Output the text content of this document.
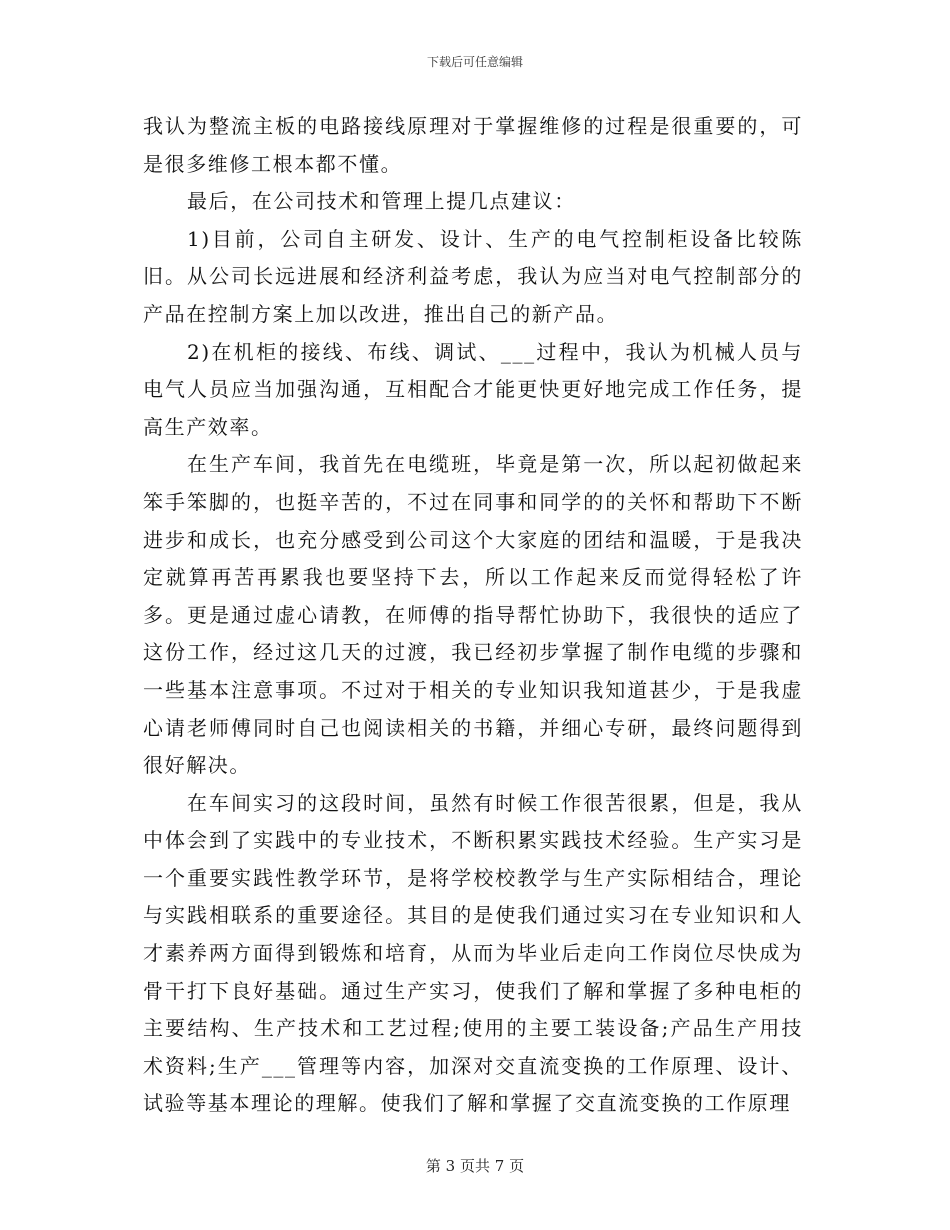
下载后可任意编辑

我认为整流主板的电路接线原理对于掌握维修的过程是很重要的，可是很多维修工根本都不懂。

最后，在公司技术和管理上提几点建议：

1)目前，公司自主研发、设计、生产的电气控制柜设备比较陈旧。从公司长远进展和经济利益考虑，我认为应当对电气控制部分的产品在控制方案上加以改进，推出自己的新产品。

2)在机柜的接线、布线、调试、___过程中，我认为机械人员与电气人员应当加强沟通，互相配合才能更快更好地完成工作任务，提高生产效率。

在生产车间，我首先在电缆班，毕竟是第一次，所以起初做起来笨手笨脚的，也挺辛苦的，不过在同事和同学的的关怀和帮助下不断进步和成长，也充分感受到公司这个大家庭的团结和温暖，于是我决定就算再苦再累我也要坚持下去，所以工作起来反而觉得轻松了许多。更是通过虚心请教，在师傅的指导帮忙协助下，我很快的适应了这份工作，经过这几天的过渡，我已经初步掌握了制作电缆的步骤和一些基本注意事项。不过对于相关的专业知识我知道甚少，于是我虚心请老师傅同时自己也阅读相关的书籍，并细心专研，最终问题得到很好解决。

在车间实习的这段时间，虽然有时候工作很苦很累，但是，我从中体会到了实践中的专业技术，不断积累实践技术经验。生产实习是一个重要实践性教学环节，是将学校校教学与生产实际相结合，理论与实践相联系的重要途径。其目的是使我们通过实习在专业知识和人才素养两方面得到锻炼和培育，从而为毕业后走向工作岗位尽快成为骨干打下良好基础。通过生产实习，使我们了解和掌握了多种电柜的主要结构、生产技术和工艺过程;使用的主要工装设备;产品生产用技术资料;生产___管理等内容，加深对交直流变换的工作原理、设计、试验等基本理论的理解。使我们了解和掌握了交直流变换的工作原理

第 3 页共 7 页
